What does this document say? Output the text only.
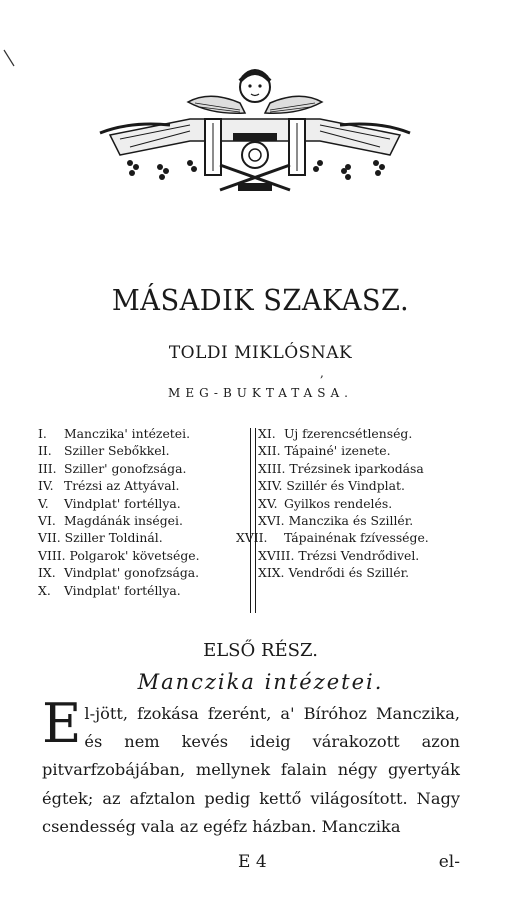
MÁSADIK SZAKASZ.
TOLDI MIKLÓSNAK
,
MEG-BUKTATASA.
I. Manczika' intézetei.
II. Sziller Sebőkkel.
III. Sziller' gonofzsága.
IV. Trézsi az Attyával.
V. Vindplat' fortéllya.
VI. Magdánák inségei.
VII. Sziller Toldinál.
VIII. Polgarok' követsége.
IX. Vindplat' gonofzsága.
X. Vindplat' fortéllya.
XI. Uj fzerencsétlenség.
XII. Tápainé' izenete.
XIII. Trézsinek iparkodása
XIV. Szillér és Vindplat.
XV. Gyilkos rendelés.
XVI. Manczika és Szillér.
XVII. Tápainénak fzívessége.
XVIII. Trézsi Vendrődivel.
XIX. Vendrődi és Szillér.
ELSŐ RÉSZ.
Manczika intézetei.
El-jött, fzokása fzerént, a' Bíróhoz Manczika, és nem kevés ideig várakozott azon pitvarfzobájában, mellynek falain négy gyertyák égtek; az afztalon pedig kettő világosított. Nagy csendesség vala az egéfz házban. Manczika
E 4	el-
